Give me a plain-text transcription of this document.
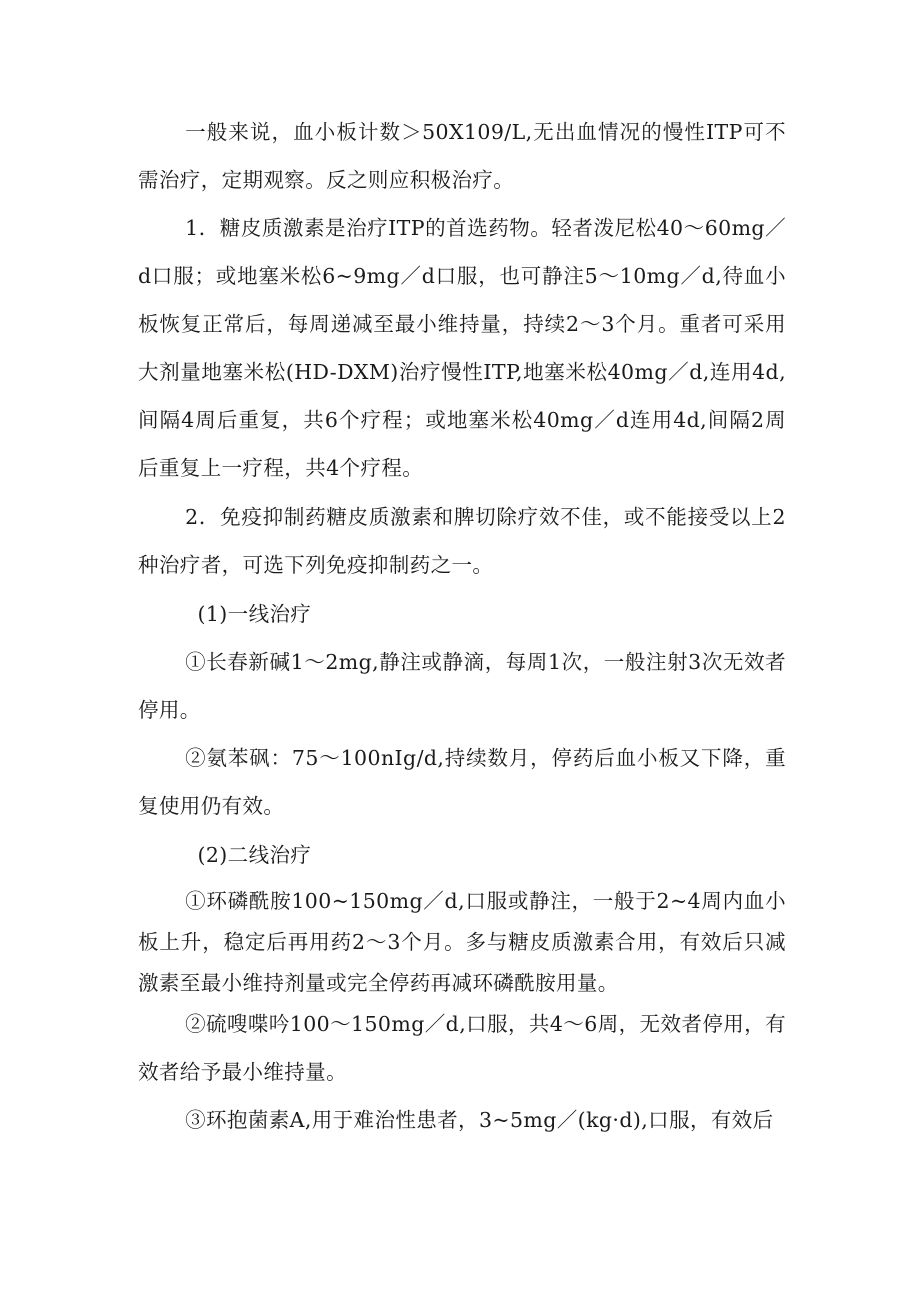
一般来说，血小板计数＞50X109/L,无出血情况的慢性ITP可不需治疗，定期观察。反之则应积极治疗。

1．糖皮质激素是治疗ITP的首选药物。轻者泼尼松40～60mg／d口服；或地塞米松6~9mg／d口服，也可静注5～10mg／d,待血小板恢复正常后，每周递减至最小维持量，持续2～3个月。重者可采用大剂量地塞米松(HD-DXM)治疗慢性ITP,地塞米松40mg／d,连用4d,间隔4周后重复，共6个疗程；或地塞米松40mg／d连用4d,间隔2周后重复上一疗程，共4个疗程。

2．免疫抑制药糖皮质激素和脾切除疗效不佳，或不能接受以上2种治疗者，可选下列免疫抑制药之一。

(1)一线治疗

①长春新碱1～2mg,静注或静滴，每周1次，一般注射3次无效者停用。

②氨苯砜：75～100nIg/d,持续数月，停药后血小板又下降，重复使用仍有效。

(2)二线治疗

①环磷酰胺100~150mg／d,口服或静注，一般于2~4周内血小板上升，稳定后再用药2～3个月。多与糖皮质激素合用，有效后只减激素至最小维持剂量或完全停药再减环磷酰胺用量。

②硫嗖喋吟100～150mg／d,口服，共4～6周，无效者停用，有效者给予最小维持量。

③环抱菌素A,用于难治性患者，3~5mg／(kg·d),口服，有效后
